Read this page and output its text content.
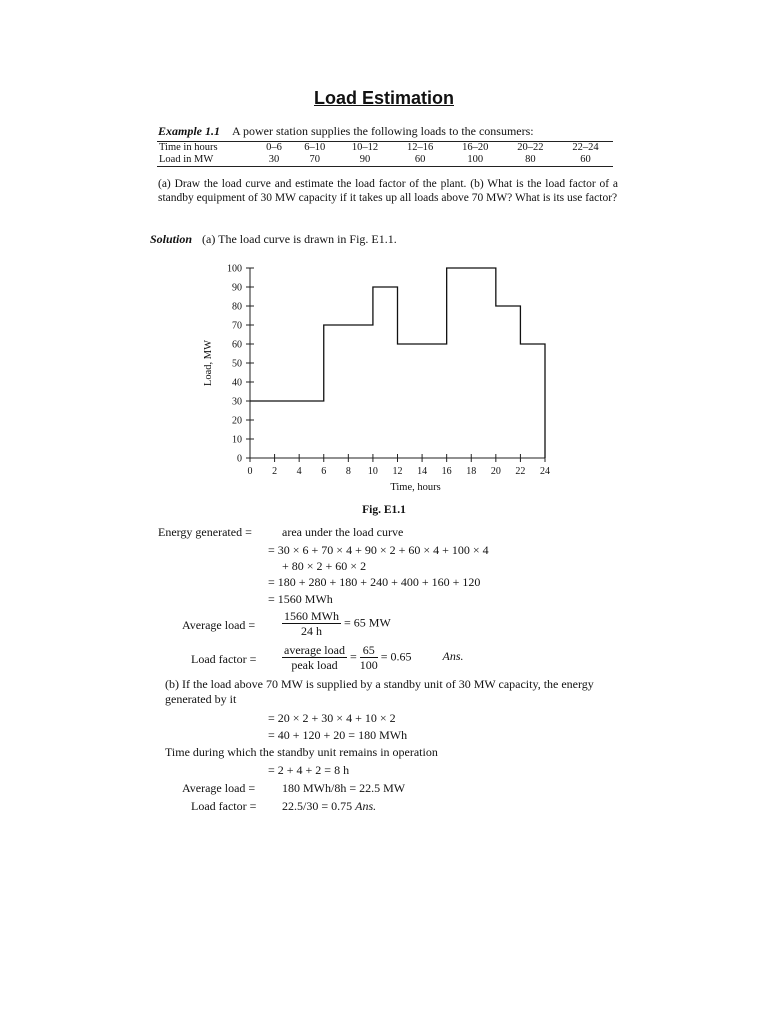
Load Estimation
Example 1.1 A power station supplies the following loads to the consumers:
Time in hours	0–6	6–10	10–12	12–16	16–20	20–22	22–24
Load in MW	30	70	90	60	100	80	60
(a) Draw the load curve and estimate the load factor of the plant. (b) What is the load factor of a standby equipment of 30 MW capacity if it takes up all loads above 70 MW? What is its use factor?
Solution (a) The load curve is drawn in Fig. E1.1.
0
10
20
30
40
50
60
70
80
90
100
0 2 4 6 8 10 12 14 16 18 20 22 24
Time, hours
Load, MW
Fig. E1.1
Energy generated =	area under the load curve
= 30 × 6 + 70 × 4 + 90 × 2 + 60 × 4 + 100 × 4
+ 80 × 2 + 60 × 2
= 180 + 280 + 180 + 240 + 400 + 160 + 120
= 1560 MWh
Average load = $\frac{\text{1560 MWh}}{24 h} = 65$ MW
Load factor = $\frac{\text{average load}}{\text{peak load}} = \frac{65}{100} = 0.65$	Ans.
(b) If the load above 70 MW is supplied by a standby unit of 30 MW capacity, the energy generated by it
= 20 × 2 + 30 × 4 + 10 × 2
= 40 + 120 + 20 = 180 MWh
Time during which the standby unit remains in operation
= 2 + 4 + 2 = 8 h
Average load = 180 MWh/8h = 22.5 MW
Load factor = 22.5/30 = 0.75 Ans.
